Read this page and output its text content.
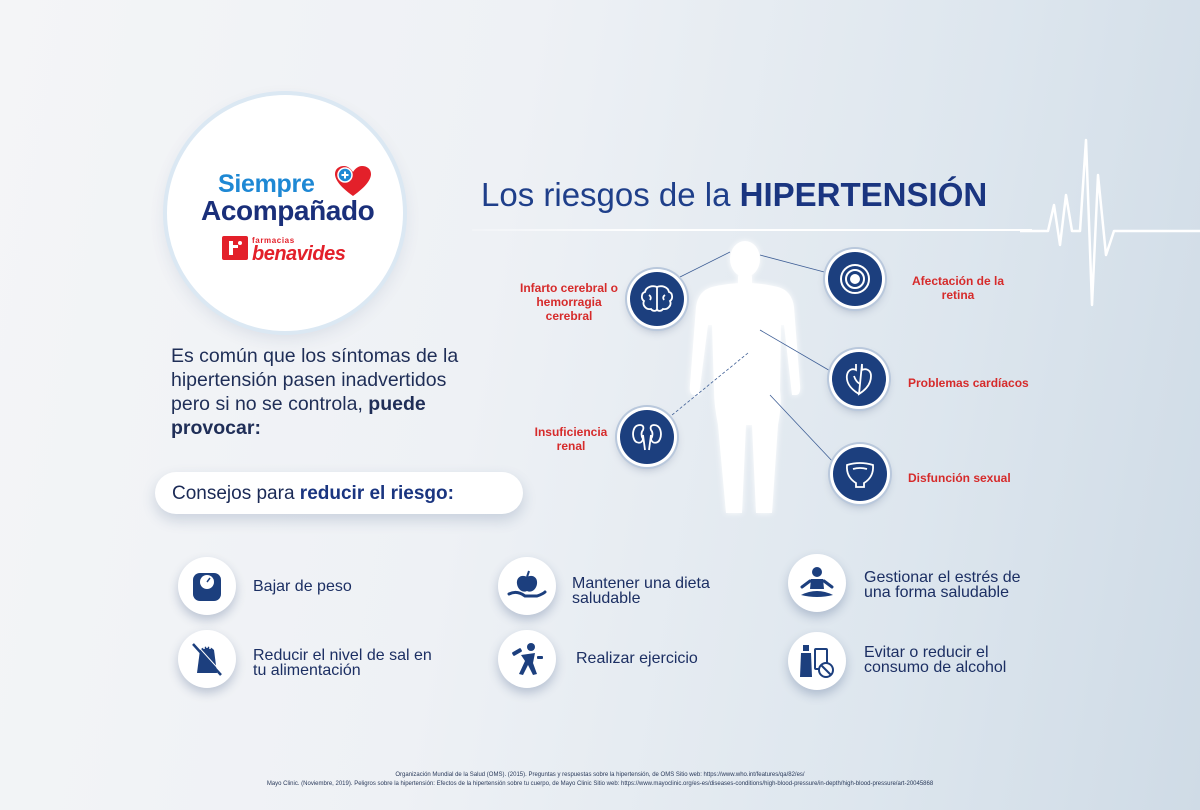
Siempre
Acompañado
farmacias
benavides
Los riesgos de la HIPERTENSIÓN
Es común que los síntomas de la hipertensión pasen inadvertidos pero si no se controla, puede provocar:
Consejos para reducir el riesgo:
Infarto cerebral o hemorragia cerebral
Afectación de la retina
Problemas cardíacos
Insuficiencia renal
Disfunción sexual
Bajar de peso	Mantener una dieta saludable
Gestionar el estrés de una forma saludable
Reducir el nivel de sal en tu alimentación
Realizar ejercicio	Evitar o reducir el consumo de alcohol
Organización Mundial de la Salud (OMS). (2015). Preguntas y respuestas sobre la hipertensión, de OMS Sitio web: https://www.who.int/features/qa/82/es/
Mayo Clinic. (Noviembre, 2019). Peligros sobre la hipertensión: Efectos de la hipertensión sobre tu cuerpo, de Mayo Clinic Sitio web: https://www.mayoclinic.org/es-es/diseases-conditions/high-blood-pressure/in-depth/high-blood-pressure/art-20045868
